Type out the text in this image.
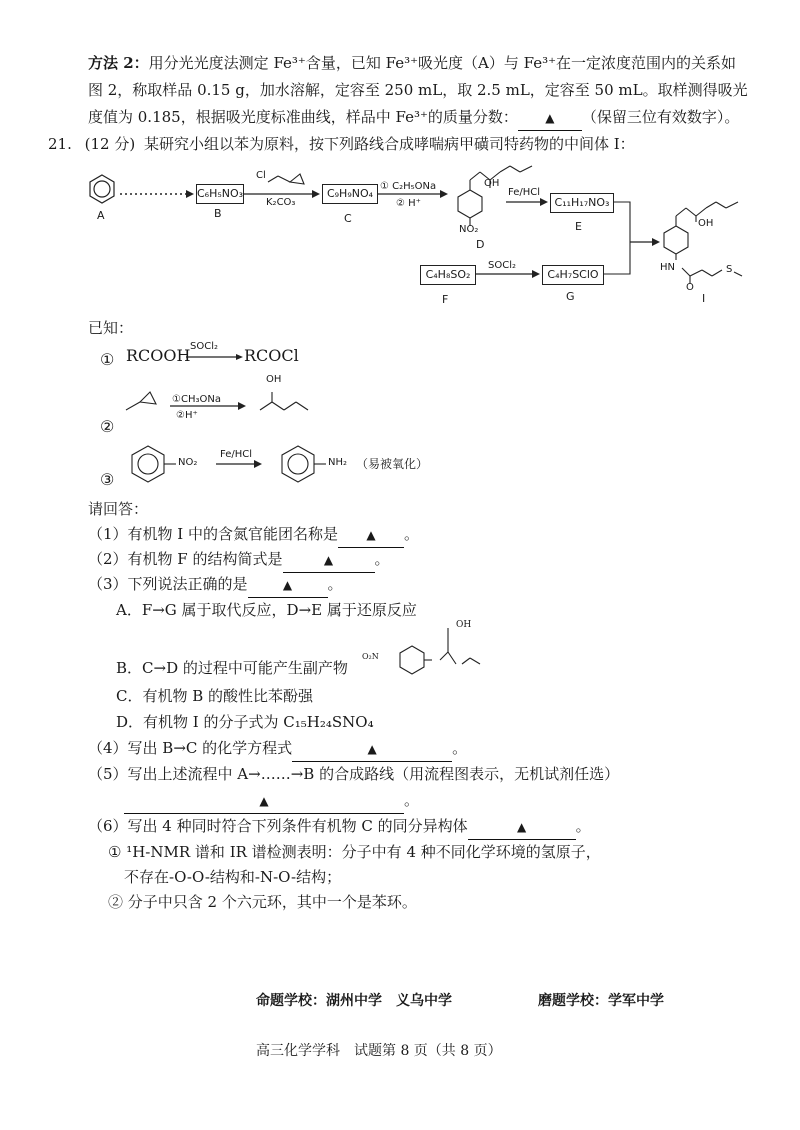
方法 2：用分光光度法测定 Fe³⁺含量，已知 Fe³⁺吸光度（A）与 Fe³⁺在一定浓度范围内的关系如
图 2，称取样品 0.15 g，加水溶解，定容至 250 mL，取 2.5 mL，定容至 50 mL。取样测得吸光
度值为 0.185，根据吸光度标准曲线，样品中 Fe³⁺的质量分数： ▲ （保留三位有效数字）。
21. (12 分) 某研究小组以苯为原料，按下列路线合成哮喘病甲磺司特药物的中间体 I：
A
C₆H₅NO₃
B
Cl
K₂CO₃
C₉H₉NO₄
C
① C₂H₅ONa
② H⁺
OH
NO₂
D
Fe/HCl
C₁₁H₁₇NO₃
E
C₄H₈SO₂
F
SOCl₂
C₄H₇SClO
G
OH
HN
O
S
I
已知：
① RCOOH SOCl₂ RCOCl
②
①CH₃ONa
②H⁺
OH
③
NO₂
Fe/HCl
NH₂ （易被氧化）
请回答：
（1）有机物 I 中的含氮官能团名称是 ▲ 。
（2）有机物 F 的结构简式是	▲	。
（3）下列说法正确的是	▲ 。
A．F→G 属于取代反应，D→E 属于还原反应
B．C→D 的过程中可能产生副产物
O₂N
OH
C．有机物 B 的酸性比苯酚强
D．有机物 I 的分子式为 C₁₅H₂₄SNO₄
（4）写出 B→C 的化学方程式	▲	。
（5）写出上述流程中 A→……→B 的合成路线（用流程图表示，无机试剂任选）
▲	。
（6）写出 4 种同时符合下列条件有机物 C 的同分异构体	▲	。
① ¹H-NMR 谱和 IR 谱检测表明：分子中有 4 种不同化学环境的氢原子，
不存在-O-O-结构和-N-O-结构；
② 分子中只含 2 个六元环，其中一个是苯环。
命题学校：湖州中学　义乌中学	磨题学校：学军中学
高三化学学科　试题第 8 页（共 8 页）
